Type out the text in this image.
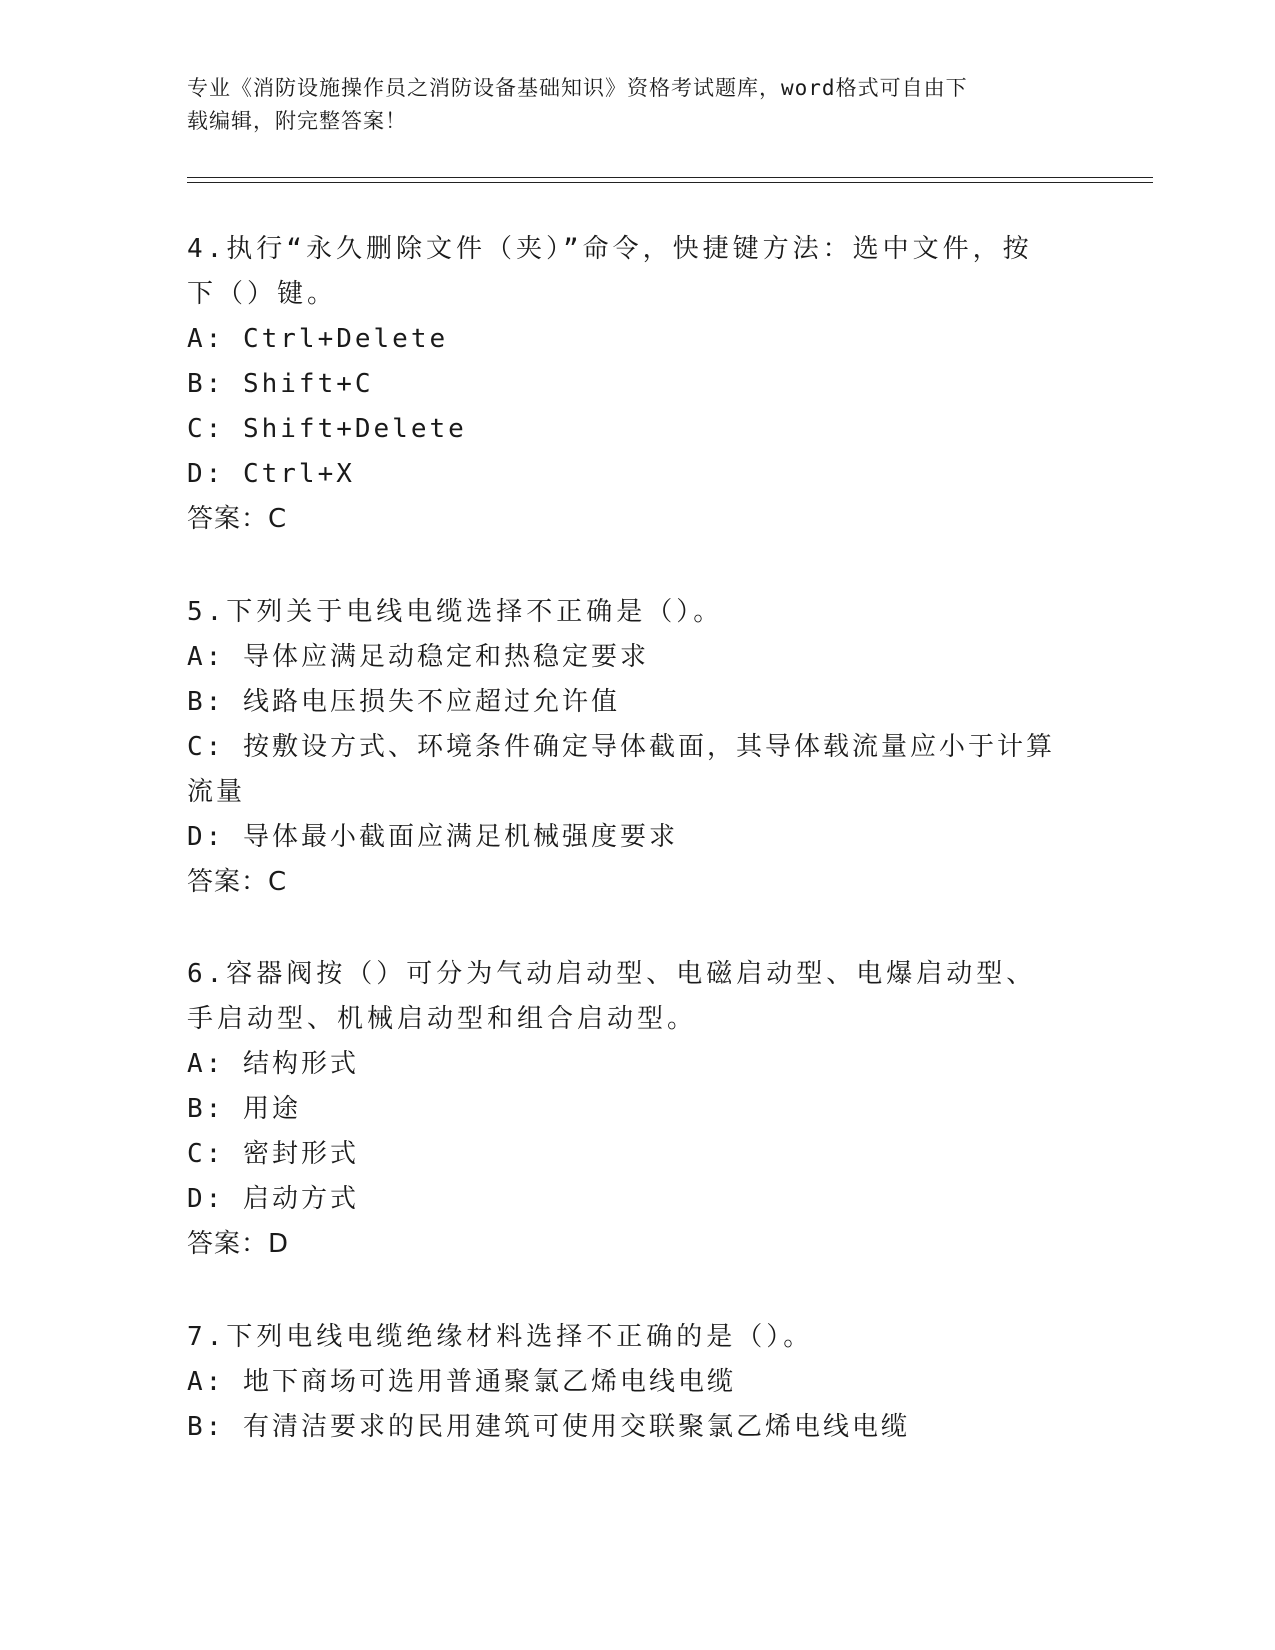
专业《消防设施操作员之消防设备基础知识》资格考试题库，word格式可自由下
载编辑，附完整答案！
4.执行“永久删除文件（夹）”命令，快捷键方法：选中文件，按下（）键。
A: Ctrl+Delete
B: Shift+C
C: Shift+Delete
D: Ctrl+X
答案：C
5.下列关于电线电缆选择不正确是（）。
A: 导体应满足动稳定和热稳定要求
B: 线路电压损失不应超过允许值
C: 按敷设方式、环境条件确定导体截面，其导体载流量应小于计算流量
D: 导体最小截面应满足机械强度要求
答案：C
6.容器阀按（）可分为气动启动型、电磁启动型、电爆启动型、手启动型、机械启动型和组合启动型。
A: 结构形式
B: 用途
C: 密封形式
D: 启动方式
答案：D
7.下列电线电缆绝缘材料选择不正确的是（）。
A: 地下商场可选用普通聚氯乙烯电线电缆
B: 有清洁要求的民用建筑可使用交联聚氯乙烯电线电缆
